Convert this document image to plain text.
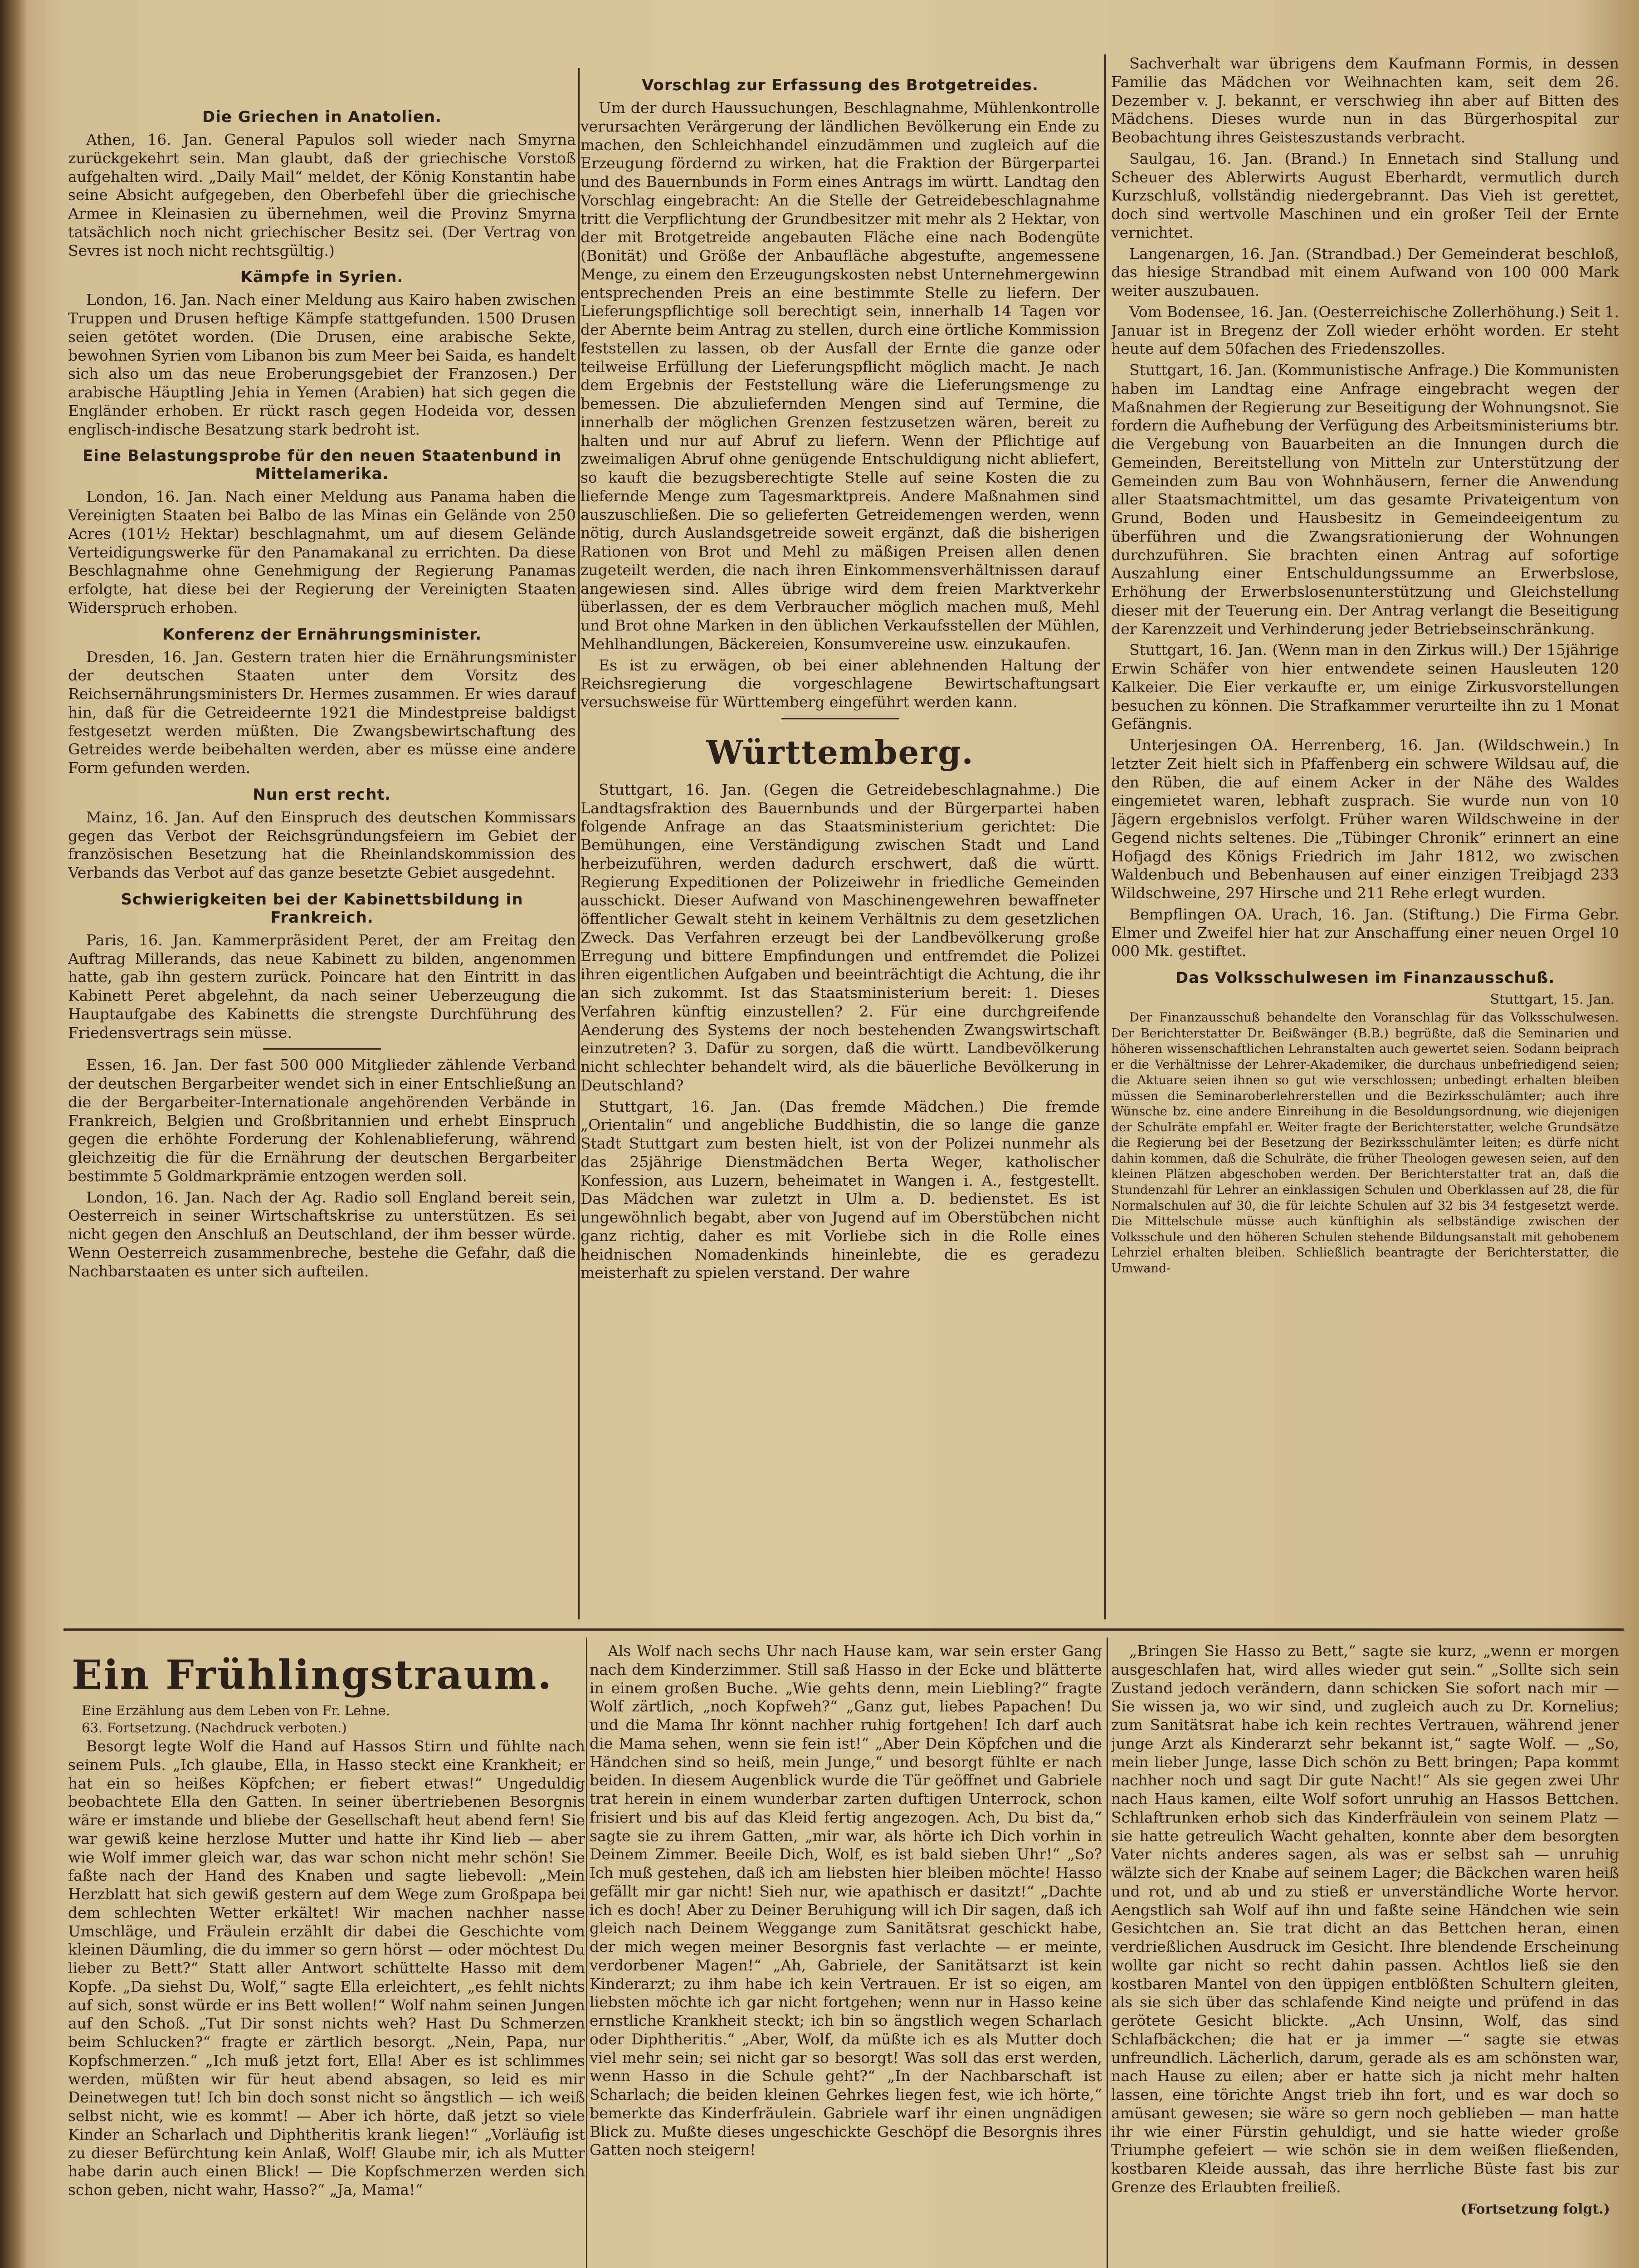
Die Griechen in Anatolien.

Athen, 16. Jan. General Papulos soll wieder nach Smyrna zurückgekehrt sein. Man glaubt, daß der griechische Vorstoß aufgehalten wird. „Daily Mail“ meldet, der König Konstantin habe seine Absicht aufgegeben, den Oberbefehl über die griechische Armee in Kleinasien zu übernehmen, weil die Provinz Smyrna tatsächlich noch nicht griechischer Besitz sei. (Der Vertrag von Sevres ist noch nicht rechtsgültig.)

Kämpfe in Syrien.

London, 16. Jan. Nach einer Meldung aus Kairo haben zwischen Truppen und Drusen heftige Kämpfe stattgefunden. 1500 Drusen seien getötet worden. (Die Drusen, eine arabische Sekte, bewohnen Syrien vom Libanon bis zum Meer bei Saida, es handelt sich also um das neue Eroberungsgebiet der Franzosen.) Der arabische Häuptling Jehia in Yemen (Arabien) hat sich gegen die Engländer erhoben. Er rückt rasch gegen Hodeida vor, dessen englisch-indische Besatzung stark bedroht ist.

Eine Belastungsprobe für den neuen Staatenbund in Mittelamerika.

London, 16. Jan. Nach einer Meldung aus Panama haben die Vereinigten Staaten bei Balbo de las Minas ein Gelände von 250 Acres (101½ Hektar) beschlagnahmt, um auf diesem Gelände Verteidigungswerke für den Panamakanal zu errichten. Da diese Beschlagnahme ohne Genehmigung der Regierung Panamas erfolgte, hat diese bei der Regierung der Vereinigten Staaten Widerspruch erhoben.

Konferenz der Ernährungsminister.

Dresden, 16. Jan. Gestern traten hier die Ernährungsminister der deutschen Staaten unter dem Vorsitz des Reichsernährungsministers Dr. Hermes zusammen. Er wies darauf hin, daß für die Getreideernte 1921 die Mindestpreise baldigst festgesetzt werden müßten. Die Zwangsbewirtschaftung des Getreides werde beibehalten werden, aber es müsse eine andere Form gefunden werden.

Nun erst recht.

Mainz, 16. Jan. Auf den Einspruch des deutschen Kommissars gegen das Verbot der Reichsgründungsfeiern im Gebiet der französischen Besetzung hat die Rheinlandskommission des Verbands das Verbot auf das ganze besetzte Gebiet ausgedehnt.

Schwierigkeiten bei der Kabinettsbildung in Frankreich.

Paris, 16. Jan. Kammerpräsident Peret, der am Freitag den Auftrag Millerands, das neue Kabinett zu bilden, angenommen hatte, gab ihn gestern zurück. Poincare hat den Eintritt in das Kabinett Peret abgelehnt, da nach seiner Ueberzeugung die Hauptaufgabe des Kabinetts die strengste Durchführung des Friedensvertrags sein müsse.

Essen, 16. Jan. Der fast 500 000 Mitglieder zählende Verband der deutschen Bergarbeiter wendet sich in einer Entschließung an die der Bergarbeiter-Internationale angehörenden Verbände in Frankreich, Belgien und Großbritannien und erhebt Einspruch gegen die erhöhte Forderung der Kohlenablieferung, während gleichzeitig die für die Ernährung der deutschen Bergarbeiter bestimmte 5 Goldmarkprämie entzogen werden soll.

London, 16. Jan. Nach der Ag. Radio soll England bereit sein, Oesterreich in seiner Wirtschaftskrise zu unterstützen. Es sei nicht gegen den Anschluß an Deutschland, der ihm besser würde. Wenn Oesterreich zusammenbreche, bestehe die Gefahr, daß die Nachbarstaaten es unter sich aufteilen.

Vorschlag zur Erfassung des Brotgetreides.

Um der durch Haussuchungen, Beschlagnahme, Mühlenkontrolle verursachten Verärgerung der ländlichen Bevölkerung ein Ende zu machen, den Schleichhandel einzudämmen und zugleich auf die Erzeugung fördernd zu wirken, hat die Fraktion der Bürgerpartei und des Bauernbunds in Form eines Antrags im württ. Landtag den Vorschlag eingebracht: An die Stelle der Getreidebeschlagnahme tritt die Verpflichtung der Grundbesitzer mit mehr als 2 Hektar, von der mit Brotgetreide angebauten Fläche eine nach Bodengüte (Bonität) und Größe der Anbaufläche abgestufte, angemessene Menge, zu einem den Erzeugungskosten nebst Unternehmergewinn entsprechenden Preis an eine bestimmte Stelle zu liefern. Der Lieferungspflichtige soll berechtigt sein, innerhalb 14 Tagen vor der Abernte beim Antrag zu stellen, durch eine örtliche Kommission feststellen zu lassen, ob der Ausfall der Ernte die ganze oder teilweise Erfüllung der Lieferungspflicht möglich macht. Je nach dem Ergebnis der Feststellung wäre die Lieferungsmenge zu bemessen. Die abzuliefernden Mengen sind auf Termine, die innerhalb der möglichen Grenzen festzusetzen wären, bereit zu halten und nur auf Abruf zu liefern. Wenn der Pflichtige auf zweimaligen Abruf ohne genügende Entschuldigung nicht abliefert, so kauft die bezugsberechtigte Stelle auf seine Kosten die zu liefernde Menge zum Tagesmarktpreis. Andere Maßnahmen sind auszuschließen. Die so gelieferten Getreidemengen werden, wenn nötig, durch Auslandsgetreide soweit ergänzt, daß die bisherigen Rationen von Brot und Mehl zu mäßigen Preisen allen denen zugeteilt werden, die nach ihren Einkommensverhältnissen darauf angewiesen sind. Alles übrige wird dem freien Marktverkehr überlassen, der es dem Verbraucher möglich machen muß, Mehl und Brot ohne Marken in den üblichen Verkaufsstellen der Mühlen, Mehlhandlungen, Bäckereien, Konsumvereine usw. einzukaufen.

Es ist zu erwägen, ob bei einer ablehnenden Haltung der Reichsregierung die vorgeschlagene Bewirtschaftungsart versuchsweise für Württemberg eingeführt werden kann.

Württemberg.

Stuttgart, 16. Jan. (Gegen die Getreidebeschlagnahme.) Die Landtagsfraktion des Bauernbunds und der Bürgerpartei haben folgende Anfrage an das Staatsministerium gerichtet: Die Bemühungen, eine Verständigung zwischen Stadt und Land herbeizuführen, werden dadurch erschwert, daß die württ. Regierung Expeditionen der Polizeiwehr in friedliche Gemeinden ausschickt. Dieser Aufwand von Maschinengewehren bewaffneter öffentlicher Gewalt steht in keinem Verhältnis zu dem gesetzlichen Zweck. Das Verfahren erzeugt bei der Landbevölkerung große Erregung und bittere Empfindungen und entfremdet die Polizei ihren eigentlichen Aufgaben und beeinträchtigt die Achtung, die ihr an sich zukommt. Ist das Staatsministerium bereit: 1. Dieses Verfahren künftig einzustellen? 2. Für eine durchgreifende Aenderung des Systems der noch bestehenden Zwangswirtschaft einzutreten? 3. Dafür zu sorgen, daß die württ. Landbevölkerung nicht schlechter behandelt wird, als die bäuerliche Bevölkerung in Deutschland?

Stuttgart, 16. Jan. (Das fremde Mädchen.) Die fremde „Orientalin“ und angebliche Buddhistin, die so lange die ganze Stadt Stuttgart zum besten hielt, ist von der Polizei nunmehr als das 25jährige Dienstmädchen Berta Weger, katholischer Konfession, aus Luzern, beheimatet in Wangen i. A., festgestellt. Das Mädchen war zuletzt in Ulm a. D. bedienstet. Es ist ungewöhnlich begabt, aber von Jugend auf im Oberstübchen nicht ganz richtig, daher es mit Vorliebe sich in die Rolle eines heidnischen Nomadenkinds hineinlebte, die es geradezu meisterhaft zu spielen verstand. Der wahre

Sachverhalt war übrigens dem Kaufmann Formis, in dessen Familie das Mädchen vor Weihnachten kam, seit dem 26. Dezember v. J. bekannt, er verschwieg ihn aber auf Bitten des Mädchens. Dieses wurde nun in das Bürgerhospital zur Beobachtung ihres Geisteszustands verbracht.

Saulgau, 16. Jan. (Brand.) In Ennetach sind Stallung und Scheuer des Ablerwirts August Eberhardt, vermutlich durch Kurzschluß, vollständig niedergebrannt. Das Vieh ist gerettet, doch sind wertvolle Maschinen und ein großer Teil der Ernte vernichtet.

Langenargen, 16. Jan. (Strandbad.) Der Gemeinderat beschloß, das hiesige Strandbad mit einem Aufwand von 100 000 Mark weiter auszubauen.

Vom Bodensee, 16. Jan. (Oesterreichische Zollerhöhung.) Seit 1. Januar ist in Bregenz der Zoll wieder erhöht worden. Er steht heute auf dem 50fachen des Friedenszolles.

Stuttgart, 16. Jan. (Kommunistische Anfrage.) Die Kommunisten haben im Landtag eine Anfrage eingebracht wegen der Maßnahmen der Regierung zur Beseitigung der Wohnungsnot. Sie fordern die Aufhebung der Verfügung des Arbeitsministeriums btr. die Vergebung von Bauarbeiten an die Innungen durch die Gemeinden, Bereitstellung von Mitteln zur Unterstützung der Gemeinden zum Bau von Wohnhäusern, ferner die Anwendung aller Staatsmachtmittel, um das gesamte Privateigentum von Grund, Boden und Hausbesitz in Gemeindeeigentum zu überführen und die Zwangsrationierung der Wohnungen durchzuführen. Sie brachten einen Antrag auf sofortige Auszahlung einer Entschuldungssumme an Erwerbslose, Erhöhung der Erwerbslosenunterstützung und Gleichstellung dieser mit der Teuerung ein. Der Antrag verlangt die Beseitigung der Karenzzeit und Verhinderung jeder Betriebseinschränkung.

Stuttgart, 16. Jan. (Wenn man in den Zirkus will.) Der 15jährige Erwin Schäfer von hier entwendete seinen Hausleuten 120 Kalkeier. Die Eier verkaufte er, um einige Zirkusvorstellungen besuchen zu können. Die Strafkammer verurteilte ihn zu 1 Monat Gefängnis.

Unterjesingen OA. Herrenberg, 16. Jan. (Wildschwein.) In letzter Zeit hielt sich in Pfaffenberg ein schwere Wildsau auf, die den Rüben, die auf einem Acker in der Nähe des Waldes eingemietet waren, lebhaft zusprach. Sie wurde nun von 10 Jägern ergebnislos verfolgt. Früher waren Wildschweine in der Gegend nichts seltenes. Die „Tübinger Chronik“ erinnert an eine Hofjagd des Königs Friedrich im Jahr 1812, wo zwischen Waldenbuch und Bebenhausen auf einer einzigen Treibjagd 233 Wildschweine, 297 Hirsche und 211 Rehe erlegt wurden.

Bempflingen OA. Urach, 16. Jan. (Stiftung.) Die Firma Gebr. Elmer und Zweifel hier hat zur Anschaffung einer neuen Orgel 10 000 Mk. gestiftet.

Das Volksschulwesen im Finanzausschuß.
Stuttgart, 15. Jan.

Der Finanzausschuß behandelte den Voranschlag für das Volksschulwesen. Der Berichterstatter Dr. Beißwänger (B.B.) begrüßte, daß die Seminarien und höheren wissenschaftlichen Lehranstalten auch gewertet seien. Sodann beiprach er die Verhältnisse der Lehrer-Akademiker, die durchaus unbefriedigend seien; die Aktuare seien ihnen so gut wie verschlossen; unbedingt erhalten bleiben müssen die Seminaroberlehrerstellen und die Bezirksschulämter; auch ihre Wünsche bz. eine andere Einreihung in die Besoldungsordnung, wie diejenigen der Schulräte empfahl er. Weiter fragte der Berichterstatter, welche Grundsätze die Regierung bei der Besetzung der Bezirksschulämter leiten; es dürfe nicht dahin kommen, daß die Schulräte, die früher Theologen gewesen seien, auf den kleinen Plätzen abgeschoben werden. Der Berichterstatter trat an, daß die Stundenzahl für Lehrer an einklassigen Schulen und Oberklassen auf 28, die für Normalschulen auf 30, die für leichte Schulen auf 32 bis 34 festgesetzt werde. Die Mittelschule müsse auch künftighin als selbständige zwischen der Volksschule und den höheren Schulen stehende Bildungsanstalt mit gehobenem Lehrziel erhalten bleiben. Schließlich beantragte der Berichterstatter, die Umwand-

Ein Frühlingstraum.
Eine Erzählung aus dem Leben von Fr. Lehne.
63. Fortsetzung. (Nachdruck verboten.)

Besorgt legte Wolf die Hand auf Hassos Stirn und fühlte nach seinem Puls. „Ich glaube, Ella, in Hasso steckt eine Krankheit; er hat ein so heißes Köpfchen; er fiebert etwas!“ Ungeduldig beobachtete Ella den Gatten. In seiner übertriebenen Besorgnis wäre er imstande und bliebe der Gesellschaft heut abend fern! Sie war gewiß keine herzlose Mutter und hatte ihr Kind lieb — aber wie Wolf immer gleich war, das war schon nicht mehr schön! Sie faßte nach der Hand des Knaben und sagte liebevoll: „Mein Herzblatt hat sich gewiß gestern auf dem Wege zum Großpapa bei dem schlechten Wetter erkältet! Wir machen nachher nasse Umschläge, und Fräulein erzählt dir dabei die Geschichte vom kleinen Däumling, die du immer so gern hörst — oder möchtest Du lieber zu Bett?“ Statt aller Antwort schüttelte Hasso mit dem Kopfe. „Da siehst Du, Wolf,“ sagte Ella erleichtert, „es fehlt nichts auf sich, sonst würde er ins Bett wollen!“ Wolf nahm seinen Jungen auf den Schoß. „Tut Dir sonst nichts weh? Hast Du Schmerzen beim Schlucken?“ fragte er zärtlich besorgt. „Nein, Papa, nur Kopfschmerzen.“ „Ich muß jetzt fort, Ella! Aber es ist schlimmes werden, müßten wir für heut abend absagen, so leid es mir Deinetwegen tut! Ich bin doch sonst nicht so ängstlich — ich weiß selbst nicht, wie es kommt! — Aber ich hörte, daß jetzt so viele Kinder an Scharlach und Diphtheritis krank liegen!“ „Vorläufig ist zu dieser Befürchtung kein Anlaß, Wolf! Glaube mir, ich als Mutter habe darin auch einen Blick! — Die Kopfschmerzen werden sich schon geben, nicht wahr, Hasso?“ „Ja, Mama!“

Als Wolf nach sechs Uhr nach Hause kam, war sein erster Gang nach dem Kinderzimmer. Still saß Hasso in der Ecke und blätterte in einem großen Buche. „Wie gehts denn, mein Liebling?“ fragte Wolf zärtlich, „noch Kopfweh?“ „Ganz gut, liebes Papachen! Du und die Mama Ihr könnt nachher ruhig fortgehen! Ich darf auch die Mama sehen, wenn sie fein ist!“ „Aber Dein Köpfchen und die Händchen sind so heiß, mein Junge,“ und besorgt fühlte er nach beiden. In diesem Augenblick wurde die Tür geöffnet und Gabriele trat herein in einem wunderbar zarten duftigen Unterrock, schon frisiert und bis auf das Kleid fertig angezogen. Ach, Du bist da,“ sagte sie zu ihrem Gatten, „mir war, als hörte ich Dich vorhin in Deinem Zimmer. Beeile Dich, Wolf, es ist bald sieben Uhr!“ „So? Ich muß gestehen, daß ich am liebsten hier bleiben möchte! Hasso gefällt mir gar nicht! Sieh nur, wie apathisch er dasitzt!“ „Dachte ich es doch! Aber zu Deiner Beruhigung will ich Dir sagen, daß ich gleich nach Deinem Weggange zum Sanitätsrat geschickt habe, der mich wegen meiner Besorgnis fast verlachte — er meinte, verdorbener Magen!“ „Ah, Gabriele, der Sanitätsarzt ist kein Kinderarzt; zu ihm habe ich kein Vertrauen. Er ist so eigen, am liebsten möchte ich gar nicht fortgehen; wenn nur in Hasso keine ernstliche Krankheit steckt; ich bin so ängstlich wegen Scharlach oder Diphtheritis.“ „Aber, Wolf, da müßte ich es als Mutter doch viel mehr sein; sei nicht gar so besorgt! Was soll das erst werden, wenn Hasso in die Schule geht?“ „In der Nachbarschaft ist Scharlach; die beiden kleinen Gehrkes liegen fest, wie ich hörte,“ bemerkte das Kinderfräulein. Gabriele warf ihr einen ungnädigen Blick zu. Mußte dieses ungeschickte Geschöpf die Besorgnis ihres Gatten noch steigern!

„Bringen Sie Hasso zu Bett,“ sagte sie kurz, „wenn er morgen ausgeschlafen hat, wird alles wieder gut sein.“ „Sollte sich sein Zustand jedoch verändern, dann schicken Sie sofort nach mir — Sie wissen ja, wo wir sind, und zugleich auch zu Dr. Kornelius; zum Sanitätsrat habe ich kein rechtes Vertrauen, während jener junge Arzt als Kinderarzt sehr bekannt ist,“ sagte Wolf. — „So, mein lieber Junge, lasse Dich schön zu Bett bringen; Papa kommt nachher noch und sagt Dir gute Nacht!“ Als sie gegen zwei Uhr nach Haus kamen, eilte Wolf sofort unruhig an Hassos Bettchen. Schlaftrunken erhob sich das Kinderfräulein von seinem Platz — sie hatte getreulich Wacht gehalten, konnte aber dem besorgten Vater nichts anderes sagen, als was er selbst sah — unruhig wälzte sich der Knabe auf seinem Lager; die Bäckchen waren heiß und rot, und ab und zu stieß er unverständliche Worte hervor. Aengstlich sah Wolf auf ihn und faßte seine Händchen wie sein Gesichtchen an. Sie trat dicht an das Bettchen heran, einen verdrießlichen Ausdruck im Gesicht. Ihre blendende Erscheinung wollte gar nicht so recht dahin passen. Achtlos ließ sie den kostbaren Mantel von den üppigen entblößten Schultern gleiten, als sie sich über das schlafende Kind neigte und prüfend in das gerötete Gesicht blickte. „Ach Unsinn, Wolf, das sind Schlafbäckchen; die hat er ja immer —“ sagte sie etwas unfreundlich. Lächerlich, darum, gerade als es am schönsten war, nach Hause zu eilen; aber er hatte sich ja nicht mehr halten lassen, eine törichte Angst trieb ihn fort, und es war doch so amüsant gewesen; sie wäre so gern noch geblieben — man hatte ihr wie einer Fürstin gehuldigt, und sie hatte wieder große Triumphe gefeiert — wie schön sie in dem weißen fließenden, kostbaren Kleide aussah, das ihre herrliche Büste fast bis zur Grenze des Erlaubten freiließ.

(Fortsetzung folgt.)
